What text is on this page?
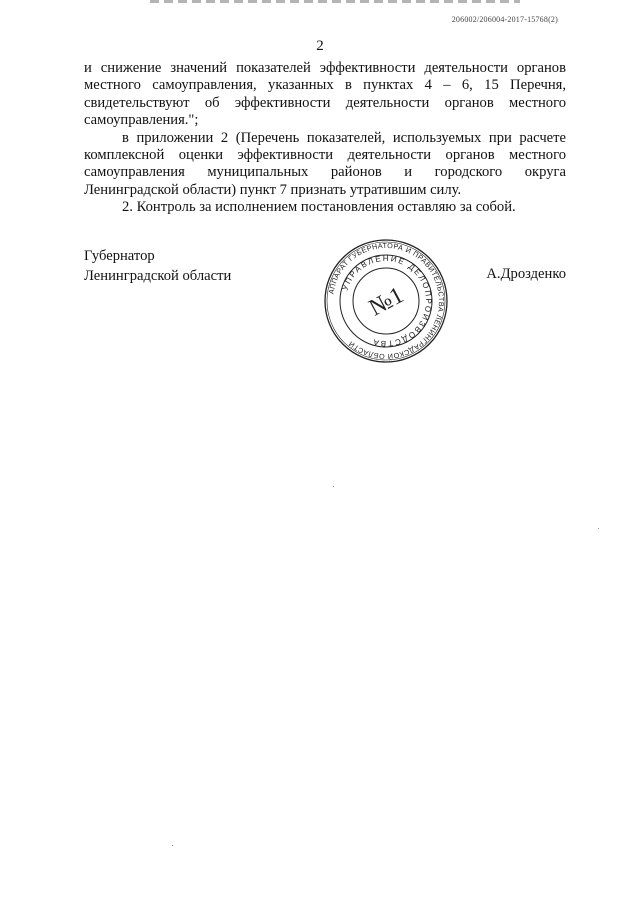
206002/206004-2017-15768(2)
2

и снижение значений показателей эффективности деятельности органов местного самоуправления, указанных в пунктах 4 – 6, 15 Перечня, свидетельствуют об эффективности деятельности органов местного самоуправления.";

в приложении 2 (Перечень показателей, используемых при расчете комплексной оценки эффективности деятельности органов местного самоуправления муниципальных районов и городского округа Ленинградской области) пункт 7 признать утратившим силу.

2. Контроль за исполнением постановления оставляю за собой.

Губернатор
Ленинградской области	А.Дрозденко
АППАРАТ ГУБЕРНАТОРА И ПРАВИТЕЛЬСТВА ЛЕНИНГРАДСКОЙ ОБЛАСТИ
УПРАВЛЕНИЕ ДЕЛОПРОИЗВОДСТВА
№1
